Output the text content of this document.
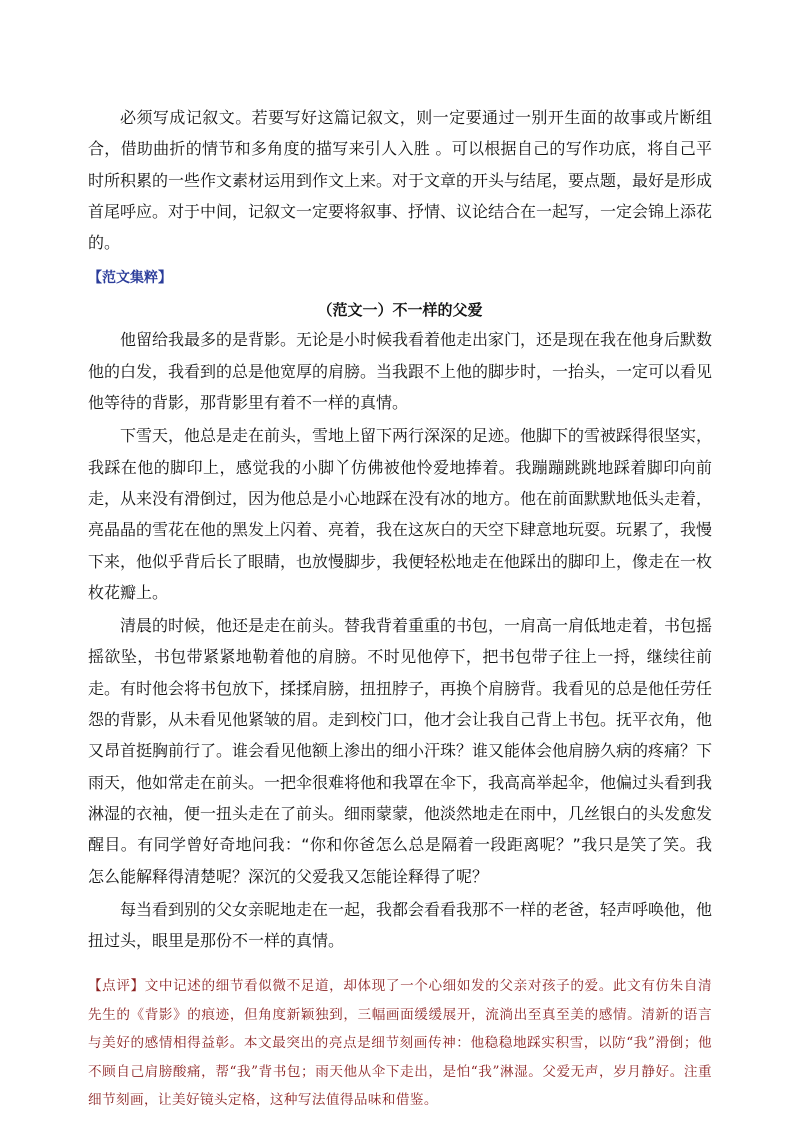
必须写成记叙文。若要写好这篇记叙文，则一定要通过一别开生面的故事或片断组合，借助曲折的情节和多角度的描写来引人入胜 。可以根据自己的写作功底，将自己平时所积累的一些作文素材运用到作文上来。对于文章的开头与结尾，要点题，最好是形成首尾呼应。对于中间，记叙文一定要将叙事、抒情、议论结合在一起写，一定会锦上添花的。

【范文集粹】
（范文一）不一样的父爱

他留给我最多的是背影。无论是小时候我看着他走出家门，还是现在我在他身后默数他的白发，我看到的总是他宽厚的肩膀。当我跟不上他的脚步时，一抬头，一定可以看见他等待的背影，那背影里有着不一样的真情。

下雪天，他总是走在前头，雪地上留下两行深深的足迹。他脚下的雪被踩得很坚实，我踩在他的脚印上，感觉我的小脚丫仿佛被他怜爱地捧着。我蹦蹦跳跳地踩着脚印向前走，从来没有滑倒过，因为他总是小心地踩在没有冰的地方。他在前面默默地低头走着，亮晶晶的雪花在他的黑发上闪着、亮着，我在这灰白的天空下肆意地玩耍。玩累了，我慢下来，他似乎背后长了眼睛，也放慢脚步，我便轻松地走在他踩出的脚印上，像走在一枚枚花瓣上。

清晨的时候，他还是走在前头。替我背着重重的书包，一肩高一肩低地走着，书包摇摇欲坠，书包带紧紧地勒着他的肩膀。不时见他停下，把书包带子往上一捋，继续往前走。有时他会将书包放下，揉揉肩膀，扭扭脖子，再换个肩膀背。我看见的总是他任劳任怨的背影，从未看见他紧皱的眉。走到校门口，他才会让我自己背上书包。抚平衣角，他又昂首挺胸前行了。谁会看见他额上渗出的细小汗珠？谁又能体会他肩膀久病的疼痛？下雨天，他如常走在前头。一把伞很难将他和我罩在伞下，我高高举起伞，他偏过头看到我淋湿的衣袖，便一扭头走在了前头。细雨蒙蒙，他淡然地走在雨中，几丝银白的头发愈发醒目。有同学曾好奇地问我：“你和你爸怎么总是隔着一段距离呢？”我只是笑了笑。我怎么能解释得清楚呢？深沉的父爱我又怎能诠释得了呢？

每当看到别的父女亲昵地走在一起，我都会看看我那不一样的老爸，轻声呼唤他，他扭过头，眼里是那份不一样的真情。

【点评】文中记述的细节看似微不足道，却体现了一个心细如发的父亲对孩子的爱。此文有仿朱自清先生的《背影》的痕迹，但角度新颖独到，三幅画面缓缓展开，流淌出至真至美的感情。清新的语言与美好的感情相得益彰。本文最突出的亮点是细节刻画传神：他稳稳地踩实积雪，以防“我”滑倒；他不顾自己肩膀酸痛，帮“我”背书包；雨天他从伞下走出，是怕“我”淋湿。父爱无声，岁月静好。注重细节刻画，让美好镜头定格，这种写法值得品味和借鉴。
